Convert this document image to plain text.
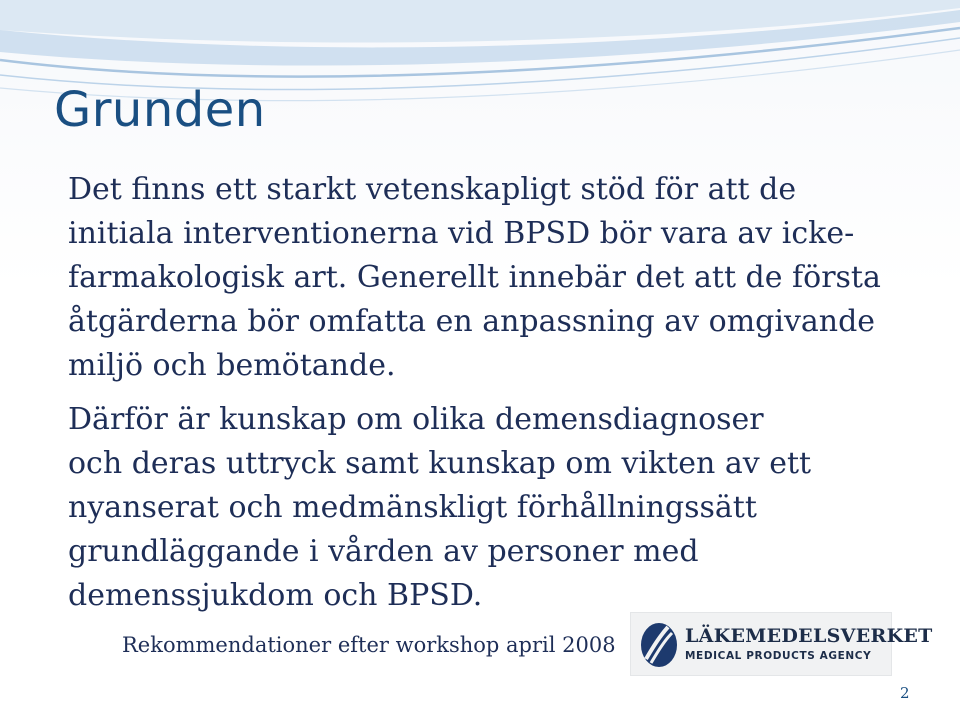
Grunden

Det finns ett starkt vetenskapligt stöd för att de
initiala interventionerna vid BPSD bör vara av icke-
farmakologisk art. Generellt innebär det att de första
åtgärderna bör omfatta en anpassning av omgivande
miljö och bemötande.

Därför är kunskap om olika demensdiagnoser
och deras uttryck samt kunskap om vikten av ett
nyanserat och medmänskligt förhållningssätt
grundläggande i vården av personer med
demenssjukdom och BPSD.

Rekommendationer efter workshop april 2008	LÄKEMEDELSVERKET
MEDICAL PRODUCTS AGENCY
2
